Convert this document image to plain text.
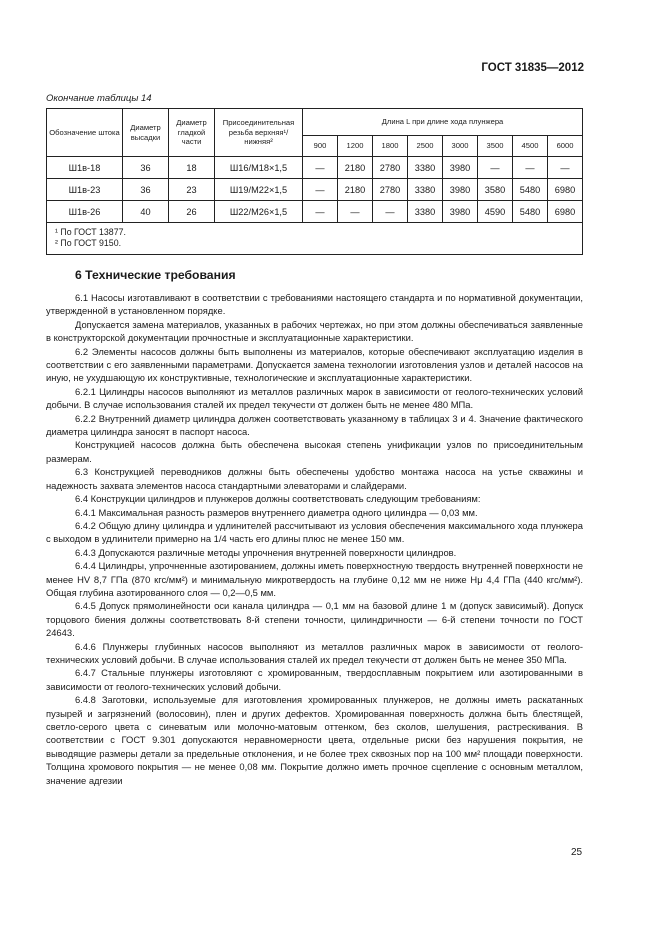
ГОСТ 31835—2012
Окончание таблицы 14
Обозначение штока	Диаметр высадки	Диаметр гладкой части	Присоединительная резьба верхняя¹/нижняя²	Длина L при длине хода плунжера							
				900	1200	1800	2500	3000	3500	4500	6000
Ш1в-18	36	18	Ш16/М18×1,5	—	2180	2780	3380	3980	—	—	—
Ш1в-23	36	23	Ш19/М22×1,5	—	2180	2780	3380	3980	3580	5480	6980
Ш1в-26	40	26	Ш22/М26×1,5	—	—	—	3380	3980	4590	5480	6980

¹ По ГОСТ 13877.
² По ГОСТ 9150.											
6 Технические требования

6.1 Насосы изготавливают в соответствии с требованиями настоящего стандарта и по нормативной документации, утвержденной в установленном порядке.

Допускается замена материалов, указанных в рабочих чертежах, но при этом должны обеспечиваться заявленные в конструкторской документации прочностные и эксплуатационные характеристики.

6.2 Элементы насосов должны быть выполнены из материалов, которые обеспечивают эксплуатацию изделия в соответствии с его заявленными параметрами. Допускается замена технологии изготовления узлов и деталей насосов на иную, не ухудшающую их конструктивные, технологические и эксплуатационные характеристики.

6.2.1 Цилиндры насосов выполняют из металлов различных марок в зависимости от геолого-технических условий добычи. В случае использования сталей их предел текучести σт должен быть не менее 480 МПа.

6.2.2 Внутренний диаметр цилиндра должен соответствовать указанному в таблицах 3 и 4. Значение фактического диаметра цилиндра заносят в паспорт насоса.

Конструкцией насосов должна быть обеспечена высокая степень унификации узлов по присоединительным размерам.

6.3 Конструкцией переводников должны быть обеспечены удобство монтажа насоса на устье скважины и надежность захвата элементов насоса стандартными элеваторами и слайдерами.

6.4 Конструкции цилиндров и плунжеров должны соответствовать следующим требованиям:

6.4.1 Максимальная разность размеров внутреннего диаметра одного цилиндра — 0,03 мм.

6.4.2 Общую длину цилиндра и удлинителей рассчитывают из условия обеспечения максимального хода плунжера с выходом в удлинители примерно на 1/4 часть его длины плюс не менее 150 мм.

6.4.3 Допускаются различные методы упрочнения внутренней поверхности цилиндров.

6.4.4 Цилиндры, упрочненные азотированием, должны иметь поверхностную твердость внутренней поверхности не менее HV 8,7 ГПа (870 кгс/мм²) и минимальную микротвердость на глубине 0,12 мм не ниже Hμ 4,4 ГПа (440 кгс/мм²). Общая глубина азотированного слоя — 0,2—0,5 мм.

6.4.5 Допуск прямолинейности оси канала цилиндра — 0,1 мм на базовой длине 1 м (допуск зависимый). Допуск торцового биения должны соответствовать 8-й степени точности, цилиндричности — 6-й степени точности по ГОСТ 24643.

6.4.6 Плунжеры глубинных насосов выполняют из металлов различных марок в зависимости от геолого-технических условий добычи. В случае использования сталей их предел текучести σт должен быть не менее 350 МПа.

6.4.7 Стальные плунжеры изготовляют с хромированным, твердосплавным покрытием или азотированными в зависимости от геолого-технических условий добычи.

6.4.8 Заготовки, используемые для изготовления хромированных плунжеров, не должны иметь раскатанных пузырей и загрязнений (волосовин), плен и других дефектов. Хромированная поверхность должна быть блестящей, светло-серого цвета с синеватым или молочно-матовым оттенком, без сколов, шелушения, растрескивания. В соответствии с ГОСТ 9.301 допускаются неравномерности цвета, отдельные риски без нарушения покрытия, не выводящие размеры детали за предельные отклонения, и не более трех сквозных пор на 100 мм² площади поверхности. Толщина хромового покрытия — не менее 0,08 мм. Покрытие должно иметь прочное сцепление с основным металлом, значение адгезии

25
